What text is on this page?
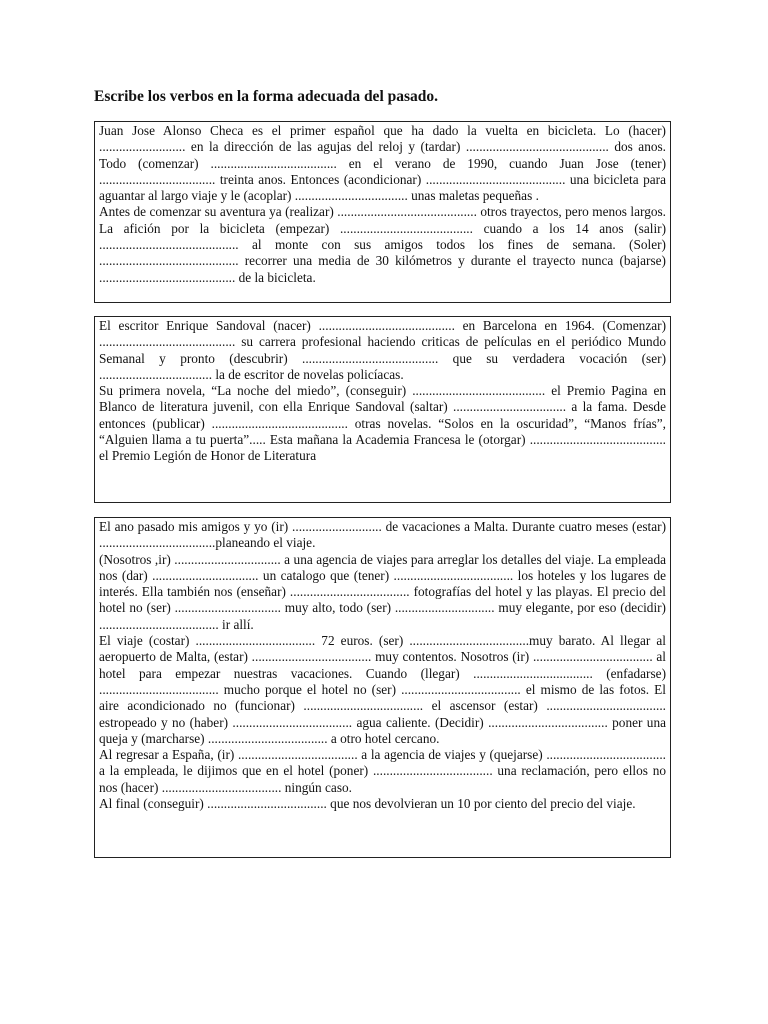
Escribe los verbos en la forma adecuada del pasado.

Juan Jose Alonso Checa es el primer español que ha dado la vuelta en bicicleta. Lo (hacer) .......................... en la dirección de las agujas del reloj y (tardar) ........................................... dos anos. Todo (comenzar) ...................................... en el verano de 1990, cuando Juan Jose (tener) ................................... treinta anos. Entonces (acondicionar) .......................................... una bicicleta para aguantar al largo viaje y le (acoplar) .................................. unas maletas pequeñas .

Antes de comenzar su aventura ya (realizar) .......................................... otros trayectos, pero menos largos. La afición por la bicicleta (empezar) ........................................ cuando a los 14 anos (salir) .......................................... al monte con sus amigos todos los fines de semana. (Soler) .......................................... recorrer una media de 30 kilómetros y durante el trayecto nunca (bajarse) ......................................... de la bicicleta.

El escritor Enrique Sandoval (nacer) ......................................... en Barcelona en 1964. (Comenzar) ......................................... su carrera profesional haciendo criticas de películas en el periódico Mundo Semanal y pronto (descubrir) ......................................... que su verdadera vocación (ser) .................................. la de escritor de novelas policíacas.

Su primera novela, “La noche del miedo”, (conseguir) ........................................ el Premio Pagina en Blanco de literatura juvenil, con ella Enrique Sandoval (saltar) .................................. a la fama. Desde entonces (publicar) ......................................... otras novelas. “Solos en la oscuridad”, “Manos frías”, “Alguien llama a tu puerta”..... Esta mañana la Academia Francesa le (otorgar) ......................................... el Premio Legión de Honor de Literatura

El ano pasado mis amigos y yo (ir) ........................... de vacaciones a Malta. Durante cuatro meses (estar) ...................................planeando el viaje.

(Nosotros ,ir) ................................ a una agencia de viajes para arreglar los detalles del viaje. La empleada nos (dar) ................................ un catalogo que (tener) .................................... los hoteles y los lugares de interés. Ella también nos (enseñar) .................................... fotografías del hotel y las playas. El precio del hotel no (ser) ................................ muy alto, todo (ser) .............................. muy elegante, por eso (decidir) .................................... ir allí.

El viaje (costar) .................................... 72 euros. (ser) ....................................muy barato. Al llegar al aeropuerto de Malta, (estar) .................................... muy contentos. Nosotros (ir) .................................... al hotel para empezar nuestras vacaciones. Cuando (llegar) .................................... (enfadarse) .................................... mucho porque el hotel no (ser) .................................... el mismo de las fotos. El aire acondicionado no (funcionar) .................................... el ascensor (estar) .................................... estropeado y no (haber) .................................... agua caliente. (Decidir) .................................... poner una queja y (marcharse) .................................... a otro hotel cercano.

Al regresar a España, (ir) .................................... a la agencia de viajes y (quejarse) .................................... a la empleada, le dijimos que en el hotel (poner) .................................... una reclamación, pero ellos no nos (hacer) .................................... ningún caso.

Al final (conseguir) .................................... que nos devolvieran un 10 por ciento del precio del viaje.
